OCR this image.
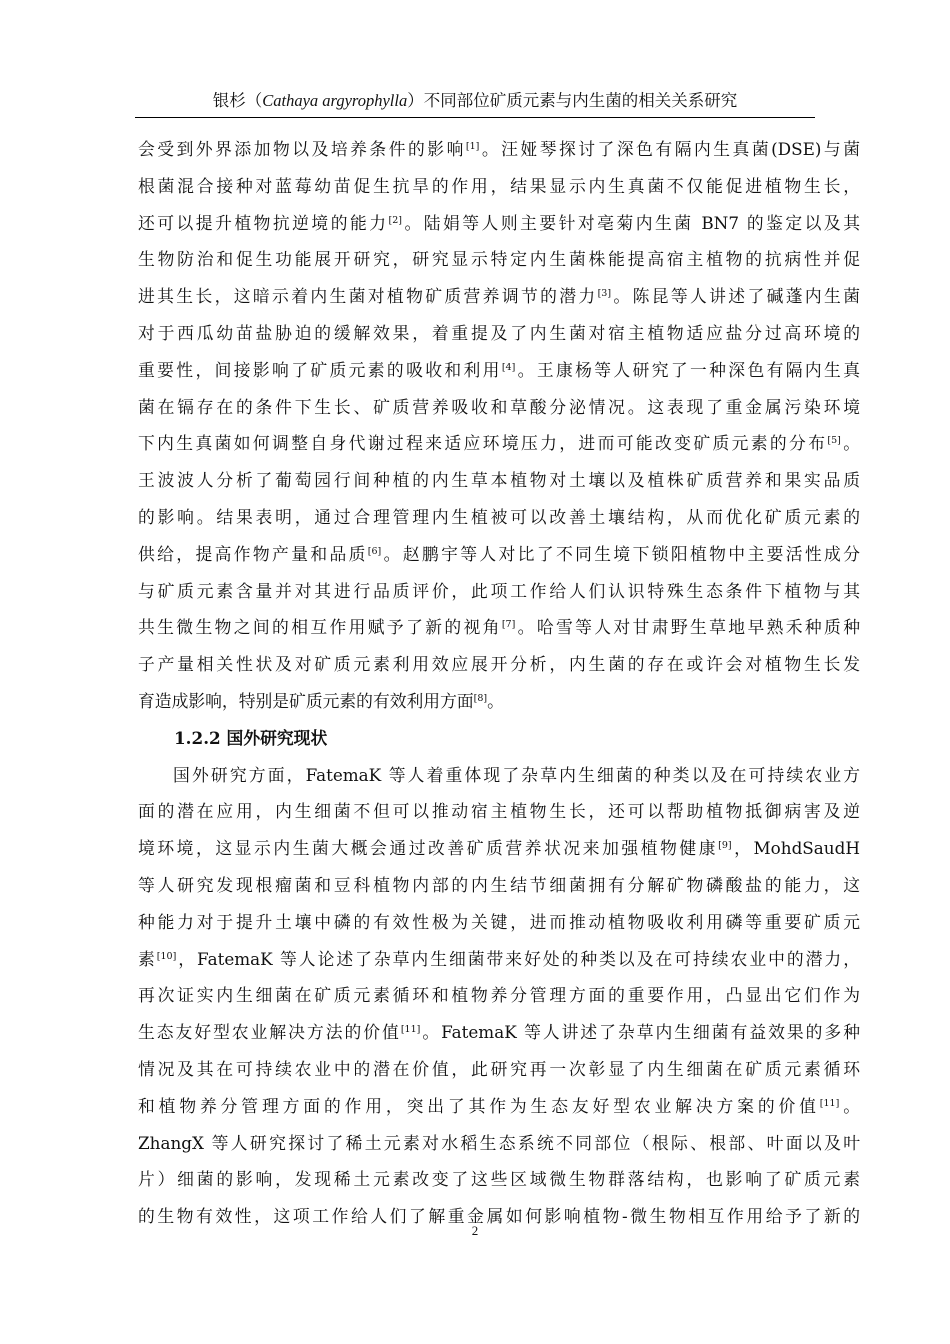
银杉（Cathaya argyrophylla）不同部位矿质元素与内生菌的相关关系研究
会受到外界添加物以及培养条件的影响[1]。汪娅琴探讨了深色有隔内生真菌(DSE)与菌
根菌混合接种对蓝莓幼苗促生抗旱的作用，结果显示内生真菌不仅能促进植物生长，
还可以提升植物抗逆境的能力[2]。陆娟等人则主要针对亳菊内生菌 BN7 的鉴定以及其
生物防治和促生功能展开研究，研究显示特定内生菌株能提高宿主植物的抗病性并促
进其生长，这暗示着内生菌对植物矿质营养调节的潜力[3]。陈昆等人讲述了碱蓬内生菌
对于西瓜幼苗盐胁迫的缓解效果，着重提及了内生菌对宿主植物适应盐分过高环境的
重要性，间接影响了矿质元素的吸收和利用[4]。王康杨等人研究了一种深色有隔内生真
菌在镉存在的条件下生长、矿质营养吸收和草酸分泌情况。这表现了重金属污染环境
下内生真菌如何调整自身代谢过程来适应环境压力，进而可能改变矿质元素的分布[5]。
王波波人分析了葡萄园行间种植的内生草本植物对土壤以及植株矿质营养和果实品质
的影响。结果表明，通过合理管理内生植被可以改善土壤结构，从而优化矿质元素的
供给，提高作物产量和品质[6]。赵鹏宇等人对比了不同生境下锁阳植物中主要活性成分
与矿质元素含量并对其进行品质评价，此项工作给人们认识特殊生态条件下植物与其
共生微生物之间的相互作用赋予了新的视角[7]。哈雪等人对甘肃野生草地早熟禾种质种
子产量相关性状及对矿质元素利用效应展开分析，内生菌的存在或许会对植物生长发
育造成影响，特别是矿质元素的有效利用方面[8]。
1.2.2 国外研究现状
国外研究方面，FatemaK 等人着重体现了杂草内生细菌的种类以及在可持续农业方
面的潜在应用，内生细菌不但可以推动宿主植物生长，还可以帮助植物抵御病害及逆
境环境，这显示内生菌大概会通过改善矿质营养状况来加强植物健康[9]，MohdSaudH
等人研究发现根瘤菌和豆科植物内部的内生结节细菌拥有分解矿物磷酸盐的能力，这
种能力对于提升土壤中磷的有效性极为关键，进而推动植物吸收利用磷等重要矿质元
素[10]，FatemaK 等人论述了杂草内生细菌带来好处的种类以及在可持续农业中的潜力，
再次证实内生细菌在矿质元素循环和植物养分管理方面的重要作用，凸显出它们作为
生态友好型农业解决方法的价值[11]。FatemaK 等人讲述了杂草内生细菌有益效果的多种
情况及其在可持续农业中的潜在价值，此研究再一次彰显了内生细菌在矿质元素循环
和植物养分管理方面的作用，突出了其作为生态友好型农业解决方案的价值[11]。
ZhangX 等人研究探讨了稀土元素对水稻生态系统不同部位（根际、根部、叶面以及叶
片）细菌的影响，发现稀土元素改变了这些区域微生物群落结构，也影响了矿质元素
的生物有效性，这项工作给人们了解重金属如何影响植物-微生物相互作用给予了新的
2
